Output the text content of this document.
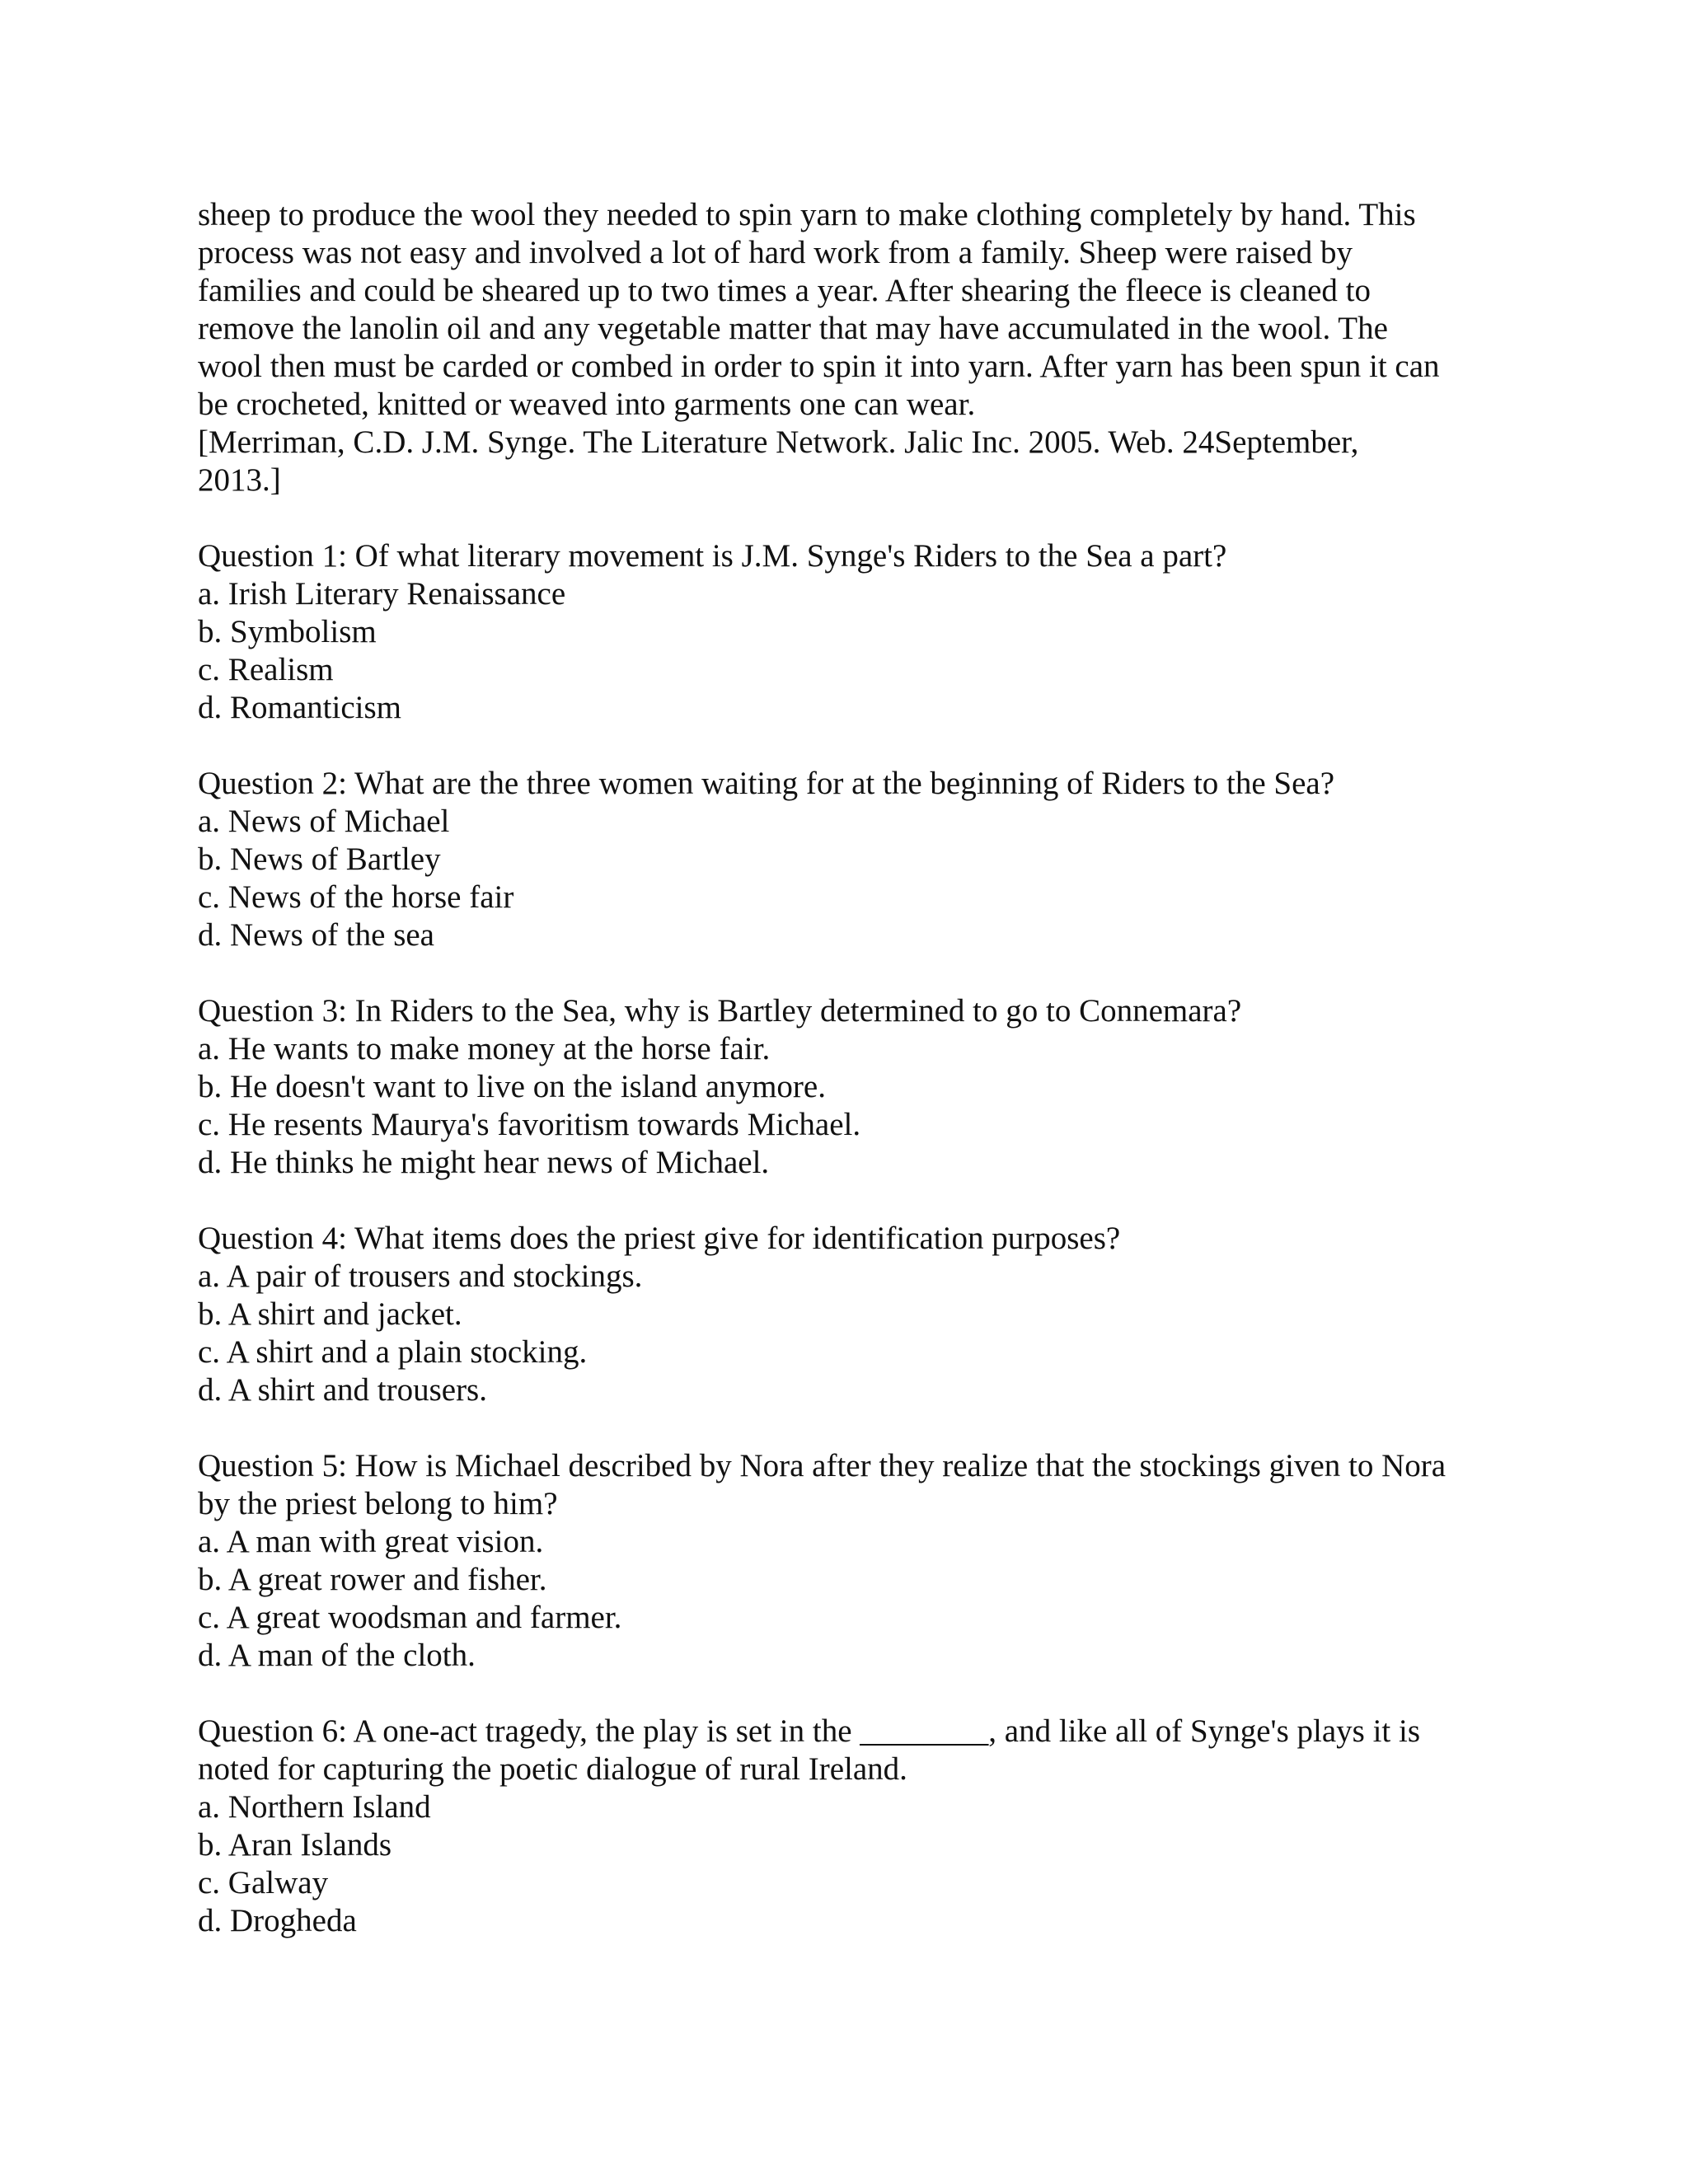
sheep to produce the wool they needed to spin yarn to make clothing completely by hand. This
process was not easy and involved a lot of hard work from a family. Sheep were raised by
families and could be sheared up to two times a year. After shearing the fleece is cleaned to
remove the lanolin oil and any vegetable matter that may have accumulated in the wool. The
wool then must be carded or combed in order to spin it into yarn. After yarn has been spun it can
be crocheted, knitted or weaved into garments one can wear.
[Merriman, C.D. J.M. Synge. The Literature Network. Jalic Inc. 2005. Web. 24September,
2013.]
Question 1: Of what literary movement is J.M. Synge's Riders to the Sea a part?
a. Irish Literary Renaissance
b. Symbolism
c. Realism
d. Romanticism
Question 2: What are the three women waiting for at the beginning of Riders to the Sea?
a. News of Michael
b. News of Bartley
c. News of the horse fair
d. News of the sea
Question 3: In Riders to the Sea, why is Bartley determined to go to Connemara?
a. He wants to make money at the horse fair.
b. He doesn't want to live on the island anymore.
c. He resents Maurya's favoritism towards Michael.
d. He thinks he might hear news of Michael.
Question 4: What items does the priest give for identification purposes?
a. A pair of trousers and stockings.
b. A shirt and jacket.
c. A shirt and a plain stocking.
d. A shirt and trousers.
Question 5: How is Michael described by Nora after they realize that the stockings given to Nora
by the priest belong to him?
a. A man with great vision.
b. A great rower and fisher.
c. A great woodsman and farmer.
d. A man of the cloth.
Question 6: A one-act tragedy, the play is set in the ________, and like all of Synge's plays it is
noted for capturing the poetic dialogue of rural Ireland.
a. Northern Island
b. Aran Islands
c. Galway
d. Drogheda
